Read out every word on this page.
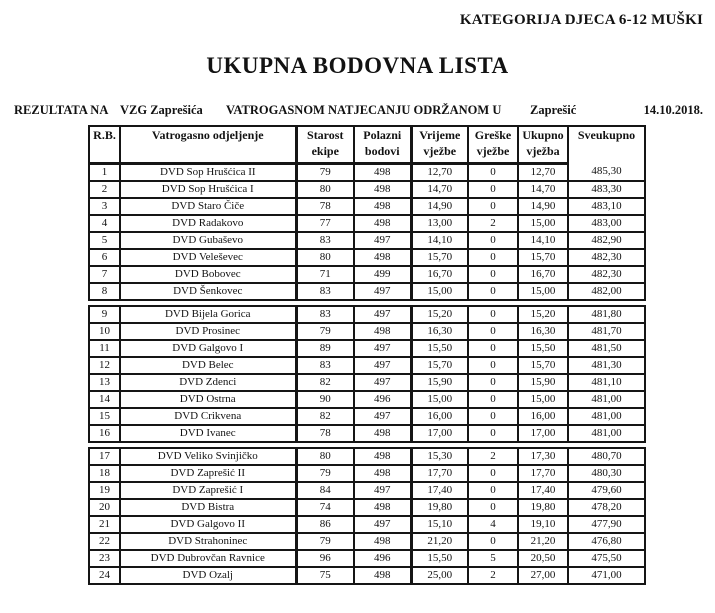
KATEGORIJA DJECA 6-12 MUŠKI
UKUPNA BODOVNA LISTA
REZULTATA NA VZG Zaprešića VATROGASNOM NATJECANJU ODRŽANOM U Zaprešić	14.10.2018.
R.B.	Vatrogasno odjeljenje	Starost ekipe	Polazni bodovi	Vrijeme vježbe	Greške vježbe	Ukupno vježba	Sveukupno
1	DVD Sop Hrušćica II	79	498	12,70	0	12,70	485,30
2	DVD Sop Hrušćica I	80	498	14,70	0	14,70	483,30
3	DVD Staro Čiče	78	498	14,90	0	14,90	483,10
4	DVD Radakovo	77	498	13,00	2	15,00	483,00
5	DVD Gubaševo	83	497	14,10	0	14,10	482,90
6	DVD Veleševec	80	498	15,70	0	15,70	482,30
7	DVD Bobovec	71	499	16,70	0	16,70	482,30
8	DVD Šenkovec	83	497	15,00	0	15,00	482,00
9	DVD Bijela Gorica	83	497	15,20	0	15,20	481,80
10	DVD Prosinec	79	498	16,30	0	16,30	481,70
11	DVD Galgovo I	89	497	15,50	0	15,50	481,50
12	DVD Belec	83	497	15,70	0	15,70	481,30
13	DVD Zdenci	82	497	15,90	0	15,90	481,10
14	DVD Ostrna	90	496	15,00	0	15,00	481,00
15	DVD Crikvena	82	497	16,00	0	16,00	481,00
16	DVD Ivanec	78	498	17,00	0	17,00	481,00
17	DVD Veliko Svinjičko	80	498	15,30	2	17,30	480,70
18	DVD Zaprešić II	79	498	17,70	0	17,70	480,30
19	DVD Zaprešić I	84	497	17,40	0	17,40	479,60
20	DVD Bistra	74	498	19,80	0	19,80	478,20
21	DVD Galgovo II	86	497	15,10	4	19,10	477,90
22	DVD Strahoninec	79	498	21,20	0	21,20	476,80
23	DVD Dubrovčan Ravnice	96	496	15,50	5	20,50	475,50
24	DVD Ozalj	75	498	25,00	2	27,00	471,00
